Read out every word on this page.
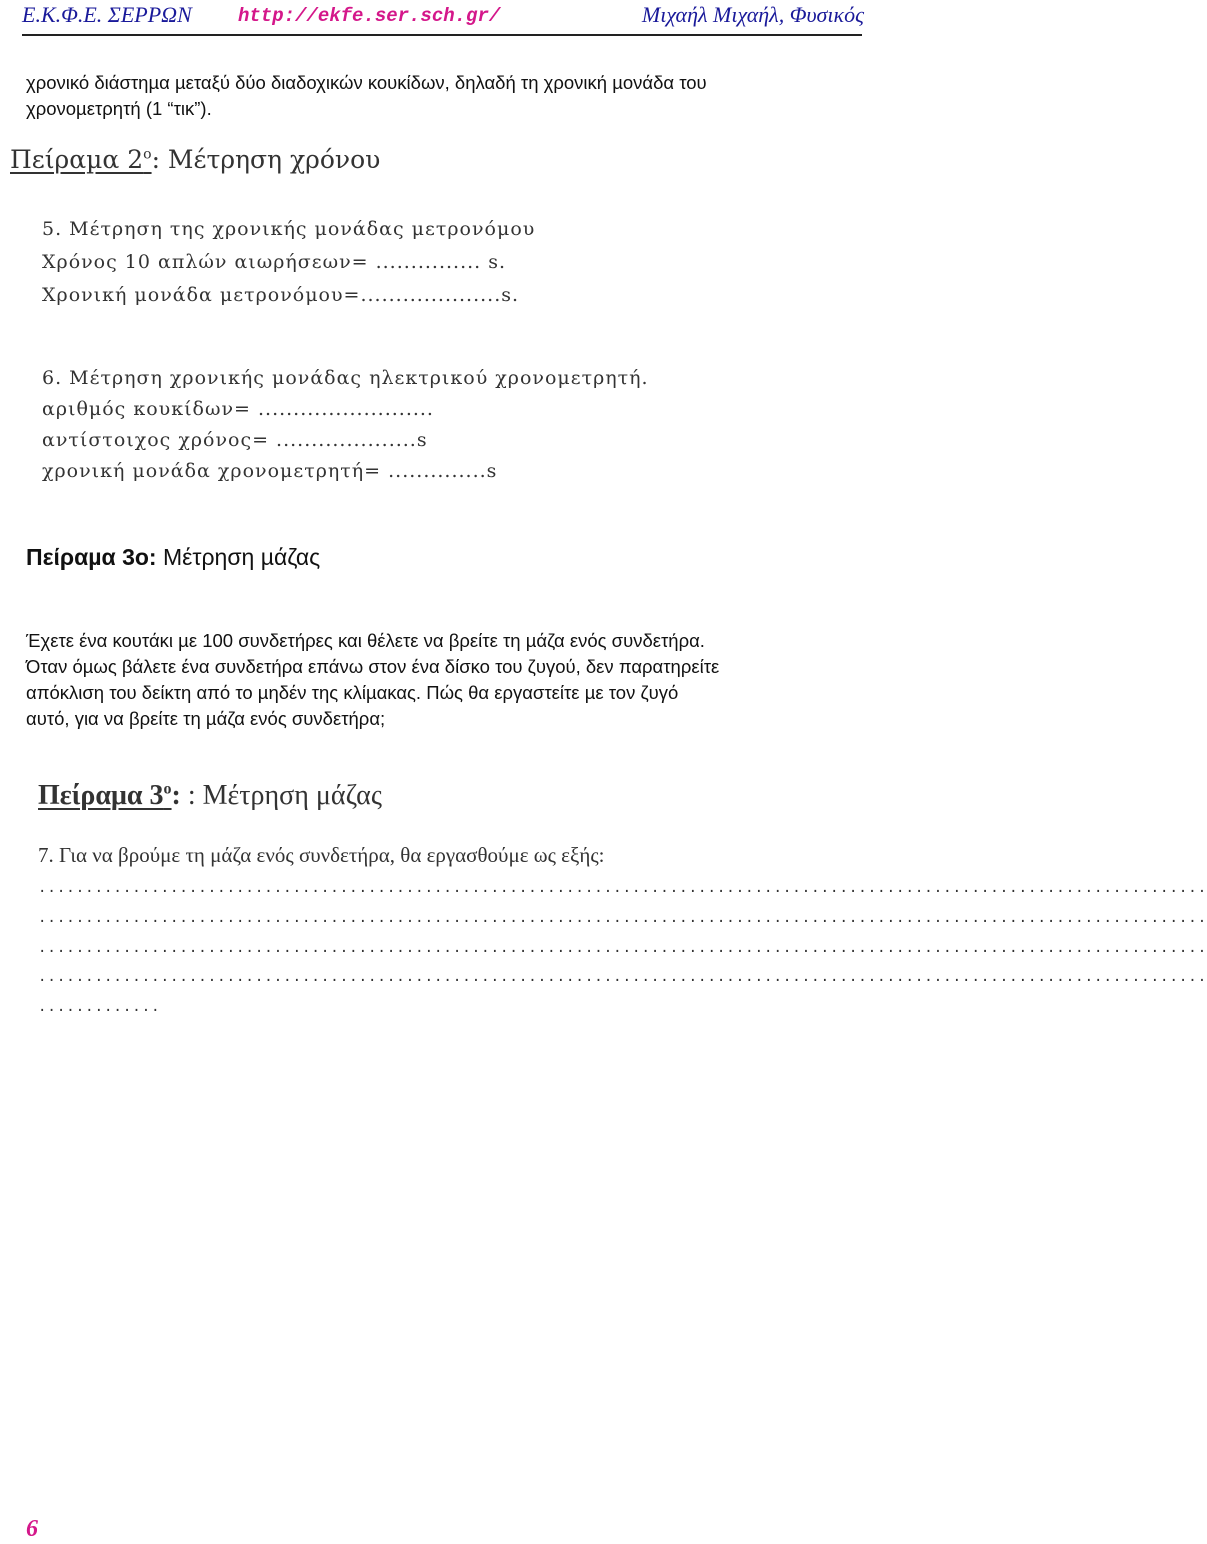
Ε.Κ.Φ.Ε. ΣΕΡΡΩΝ http://ekfe.ser.sch.gr/	Μιχαήλ Μιχαήλ, Φυσικός
χρονικό διάστηµα µεταξύ δύο διαδοχικών κουκίδων, δηλαδή τη χρονική µονάδα του
χρονοµετρητή (1 “τικ”).
Πείραµα $2^o$: Μέτρηση χρόνου
5. Μέτρηση της χρονικής μονάδας μετρονόμου
Χρόνος 10 απλών αιωρήσεων= ............... s.
Χρονική μονάδα μετρονόμου=....................s.
6. Μέτρηση χρονικής μονάδας ηλεκτρικού χρονομετρητή.
αριθμός κουκίδων= .........................
αντίστοιχος χρόνος= ....................s
χρονική μονάδα χρονομετρητή= ..............s
Πείραµα 3ο: Μέτρηση µάζας
Έχετε ένα κουτάκι µε 100 συνδετήρες και θέλετε να βρείτε τη µάζα ενός συνδετήρα.
Όταν όµως βάλετε ένα συνδετήρα επάνω στον ένα δίσκο του ζυγού, δεν παρατηρείτε
απόκλιση του δείκτη από το µηδέν της κλίµακας. Πώς θα εργαστείτε µε τον ζυγό
αυτό, για να βρείτε τη µάζα ενός συνδετήρα;
Πείραμα $3^o$: : Μέτρηση μάζας
7. Για να βρούμε τη μάζα ενός συνδετήρα, θα εργασθούμε ως εξής:
............................................................................................................................
............................................................................................................................
............................................................................................................................
............................................................................................................................
.............
6
